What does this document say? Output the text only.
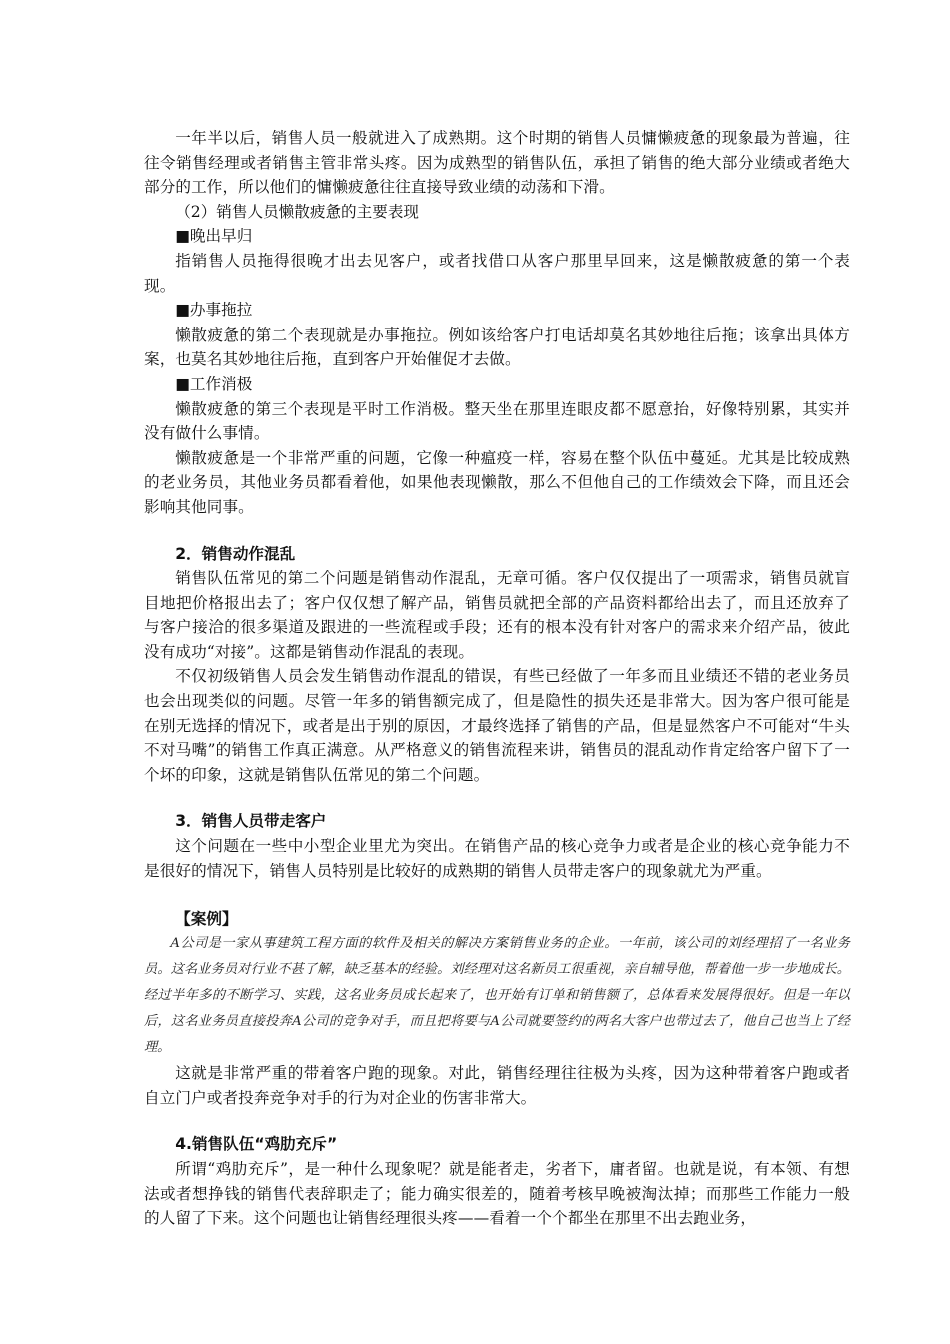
一年半以后，销售人员一般就进入了成熟期。这个时期的销售人员慵懒疲惫的现象最为普遍，往往令销售经理或者销售主管非常头疼。因为成熟型的销售队伍，承担了销售的绝大部分业绩或者绝大部分的工作，所以他们的慵懒疲惫往往直接导致业绩的动荡和下滑。

（2）销售人员懒散疲惫的主要表现

■晚出早归

指销售人员拖得很晚才出去见客户，或者找借口从客户那里早回来，这是懒散疲惫的第一个表现。

■办事拖拉

懒散疲惫的第二个表现就是办事拖拉。例如该给客户打电话却莫名其妙地往后拖；该拿出具体方案，也莫名其妙地往后拖，直到客户开始催促才去做。

■工作消极

懒散疲惫的第三个表现是平时工作消极。整天坐在那里连眼皮都不愿意抬，好像特别累，其实并没有做什么事情。

懒散疲惫是一个非常严重的问题，它像一种瘟疫一样，容易在整个队伍中蔓延。尤其是比较成熟的老业务员，其他业务员都看着他，如果他表现懒散，那么不但他自己的工作绩效会下降，而且还会影响其他同事。

2．销售动作混乱

销售队伍常见的第二个问题是销售动作混乱，无章可循。客户仅仅提出了一项需求，销售员就盲目地把价格报出去了；客户仅仅想了解产品，销售员就把全部的产品资料都给出去了，而且还放弃了与客户接洽的很多渠道及跟进的一些流程或手段；还有的根本没有针对客户的需求来介绍产品，彼此没有成功“对接”。这都是销售动作混乱的表现。

不仅初级销售人员会发生销售动作混乱的错误，有些已经做了一年多而且业绩还不错的老业务员也会出现类似的问题。尽管一年多的销售额完成了，但是隐性的损失还是非常大。因为客户很可能是在别无选择的情况下，或者是出于别的原因，才最终选择了销售的产品，但是显然客户不可能对“牛头不对马嘴”的销售工作真正满意。从严格意义的销售流程来讲，销售员的混乱动作肯定给客户留下了一个坏的印象，这就是销售队伍常见的第二个问题。

3．销售人员带走客户

这个问题在一些中小型企业里尤为突出。在销售产品的核心竞争力或者是企业的核心竞争能力不是很好的情况下，销售人员特别是比较好的成熟期的销售人员带走客户的现象就尤为严重。

【案例】

A公司是一家从事建筑工程方面的软件及相关的解决方案销售业务的企业。一年前，该公司的刘经理招了一名业务员。这名业务员对行业不甚了解，缺乏基本的经验。刘经理对这名新员工很重视，亲自辅导他，帮着他一步一步地成长。经过半年多的不断学习、实践，这名业务员成长起来了，也开始有订单和销售额了，总体看来发展得很好。但是一年以后，这名业务员直接投奔A公司的竞争对手，而且把将要与A公司就要签约的两名大客户也带过去了，他自己也当上了经理。

这就是非常严重的带着客户跑的现象。对此，销售经理往往极为头疼，因为这种带着客户跑或者自立门户或者投奔竞争对手的行为对企业的伤害非常大。

4.销售队伍“鸡肋充斥”

所谓“鸡肋充斥”，是一种什么现象呢？就是能者走，劣者下，庸者留。也就是说，有本领、有想法或者想挣钱的销售代表辞职走了；能力确实很差的，随着考核早晚被淘汰掉；而那些工作能力一般的人留了下来。这个问题也让销售经理很头疼——看着一个个都坐在那里不出去跑业务，
